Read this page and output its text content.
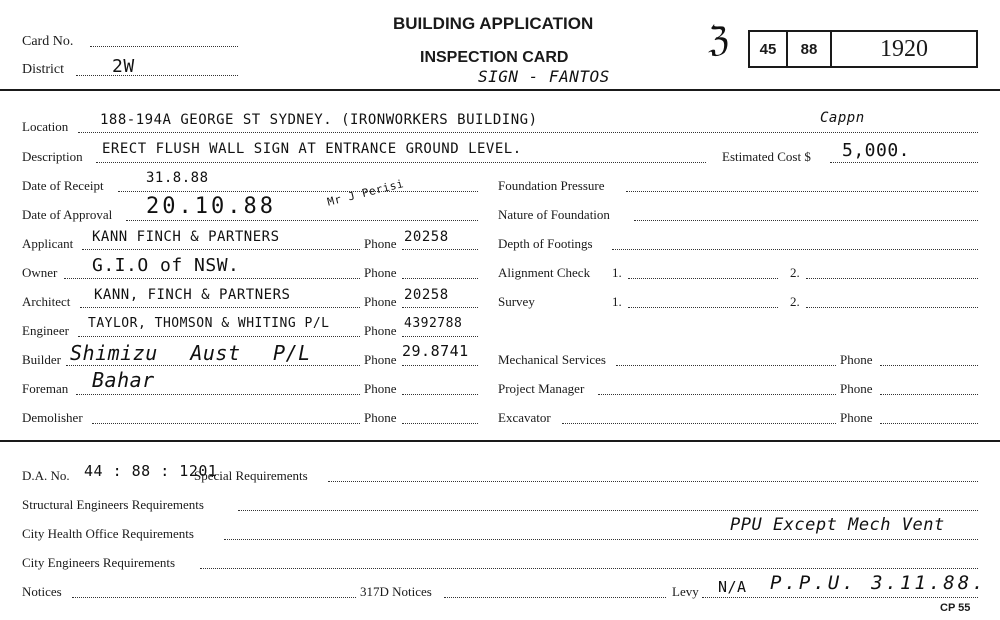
Card No.
District	2W
BUILDING APPLICATION
INSPECTION CARD
SIGN - FANTOS
ℨ	45	88	1920
Location 188-194A GEORGE ST SYDNEY. (IRONWORKERS BUILDING)	Cappn
Description ERECT FLUSH WALL SIGN AT ENTRANCE GROUND LEVEL.	Estimated Cost $ 5,000.
Date of Receipt	31.8.88
Date of Approval 20.10.88	Mr J Perisi
Applicant KANN FINCH & PARTNERS	Phone 20258
Owner G.I.O of NSW.	Phone
Architect KANN, FINCH & PARTNERS	Phone 20258
Engineer TAYLOR, THOMSON & WHITING P/L	Phone 4392788
Builder Shimizu Aust P/L	Phone 29.8741
Foreman Bahar	Phone
Demolisher	Phone
Foundation Pressure
Nature of Foundation
Depth of Footings
Alignment Check 1.	2.
Survey	1.	2.
Mechanical Services	Phone
Project Manager	Phone
Excavator	Phone
D.A. No. 44 : 88 : 1201
Special Requirements
Structural Engineers Requirements
City Health Office Requirements	PPU Except Mech Vent
City Engineers Requirements
Notices	317D Notices	Levy N/A P.P.U. 3.11.88.
CP 55
